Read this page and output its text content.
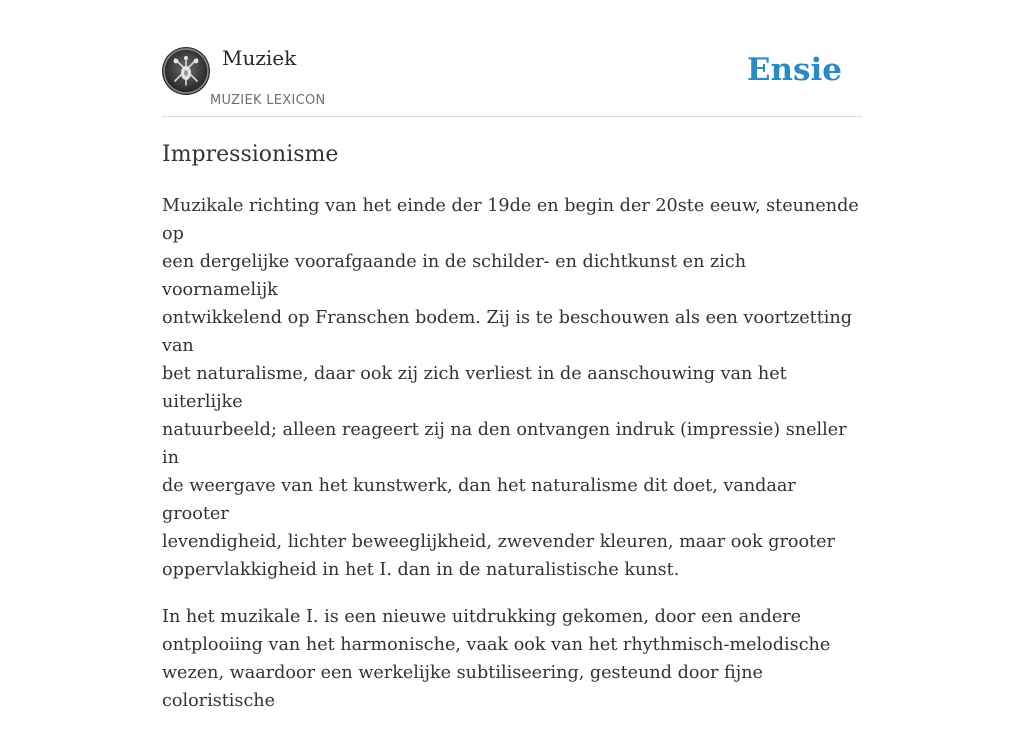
Muziek
MUZIEK LEXICON
Ensie
Impressionisme

Muzikale richting van het einde der 19de en begin der 20ste eeuw, steunende op
een dergelijke voorafgaande in de schilder- en dichtkunst en zich voornamelijk
ontwikkelend op Franschen bodem. Zij is te beschouwen als een voortzetting van
bet naturalisme, daar ook zij zich verliest in de aanschouwing van het uiterlijke
natuurbeeld; alleen reageert zij na den ontvangen indruk (impressie) sneller in
de weergave van het kunstwerk, dan het naturalisme dit doet, vandaar grooter
levendigheid, lichter beweeglijkheid, zwevender kleuren, maar ook grooter
oppervlakkigheid in het I. dan in de naturalistische kunst.

In het muzikale I. is een nieuwe uitdrukking gekomen, door een andere
ontplooiing van het harmonische, vaak ook van het rhythmisch-melodische
wezen, waardoor een werkelijke subtiliseering, gesteund door fijne coloristische
